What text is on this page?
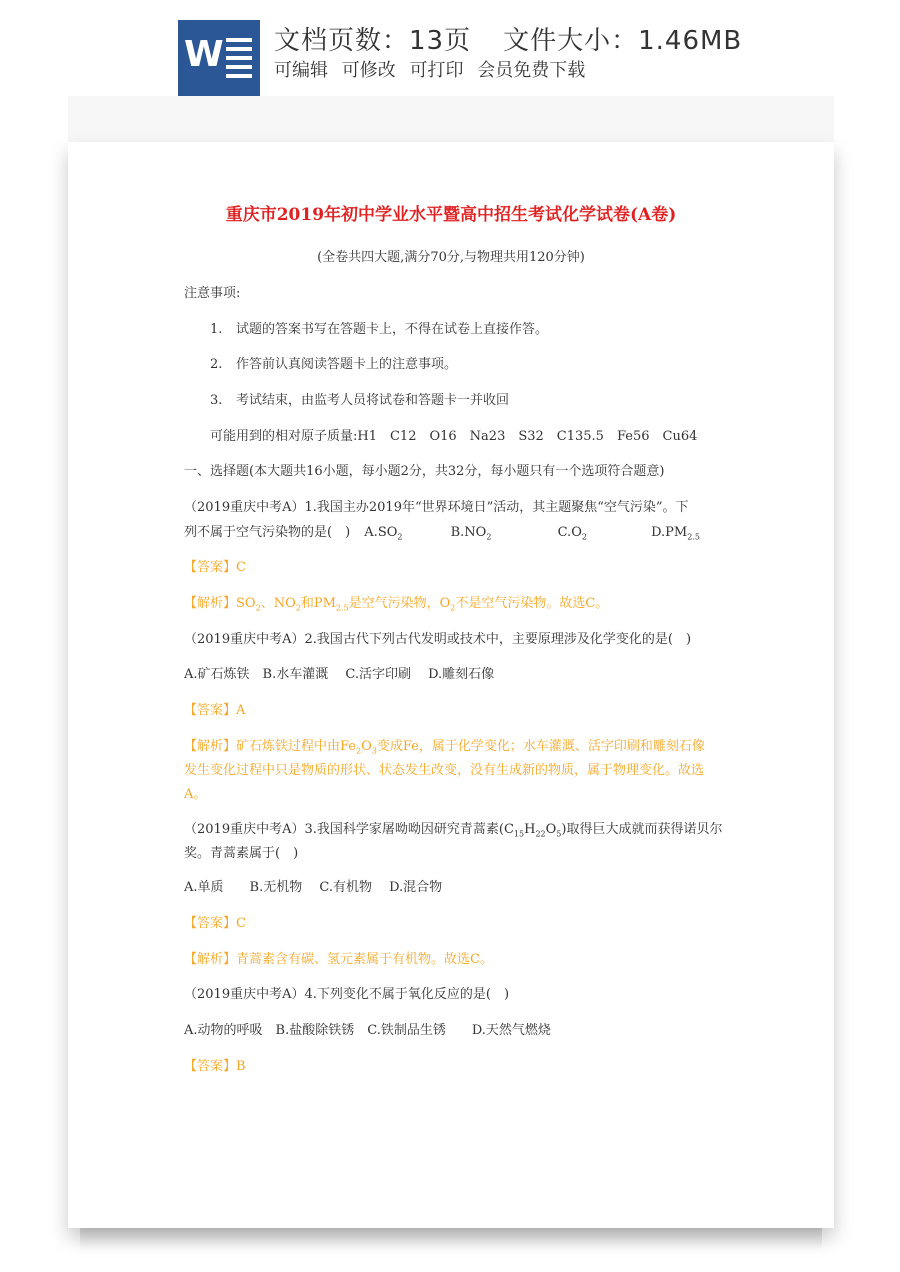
W 文档页数：13页 文件大小：1.46MB
可编辑 可修改 可打印 会员免费下载
重庆市2019年初中学业水平暨高中招生考试化学试卷(A卷)
(全卷共四大题,满分70分,与物理共用120分钟)
注意事项:
1. 试题的答案书写在答题卡上，不得在试卷上直接作答。
2. 作答前认真阅读答题卡上的注意事项。
3. 考试结束，由监考人员将试卷和答题卡一并收回
可能用到的相对原子质量:H1　C12　O16　Na23　S32　C135.5　Fe56　Cu64
一、选择题(本大题共16小题，每小题2分，共32分，每小题只有一个选项符合题意)
（2019重庆中考A）1.我国主办2019年“世界环境日”活动，其主题聚焦“空气污染”。下
列不属于空气污染物的是(　) $A.SO_2$	$B.NO_2$	$C.O_2$	$D.PM_{2.5}$
【答案】C
【解析】$SO_2$、$NO_2$和$PM_{2.5}$是空气污染物，$O_2$不是空气污染物。故选C。
（2019重庆中考A）2.我国古代下列古代发明或技术中，主要原理涉及化学变化的是(　)
A.矿石炼铁　B.水车灌溉　 C.活字印刷　 D.雕刻石像
【答案】A
【解析】矿石炼铁过程中由$Fe_2O_3$变成Fe，属于化学变化；水车灌溉、活字印刷和雕刻石像
发生变化过程中只是物质的形状、状态发生改变，没有生成新的物质，属于物理变化。故选
A。
（2019重庆中考A）3.我国科学家屠呦呦因研究青蒿素$(C_{15}H_{22}O_5)$取得巨大成就而获得诺贝尔
奖。青蒿素属于(　)
A.单质　　B.无机物　 C.有机物　 D.混合物
【答案】C
【解析】青蒿素含有碳、氢元素属于有机物。故选C。
（2019重庆中考A）4.下列变化不属于氧化反应的是(　)
A.动物的呼吸　B.盐酸除铁锈　C.铁制品生锈　　D.天然气燃烧
【答案】B
